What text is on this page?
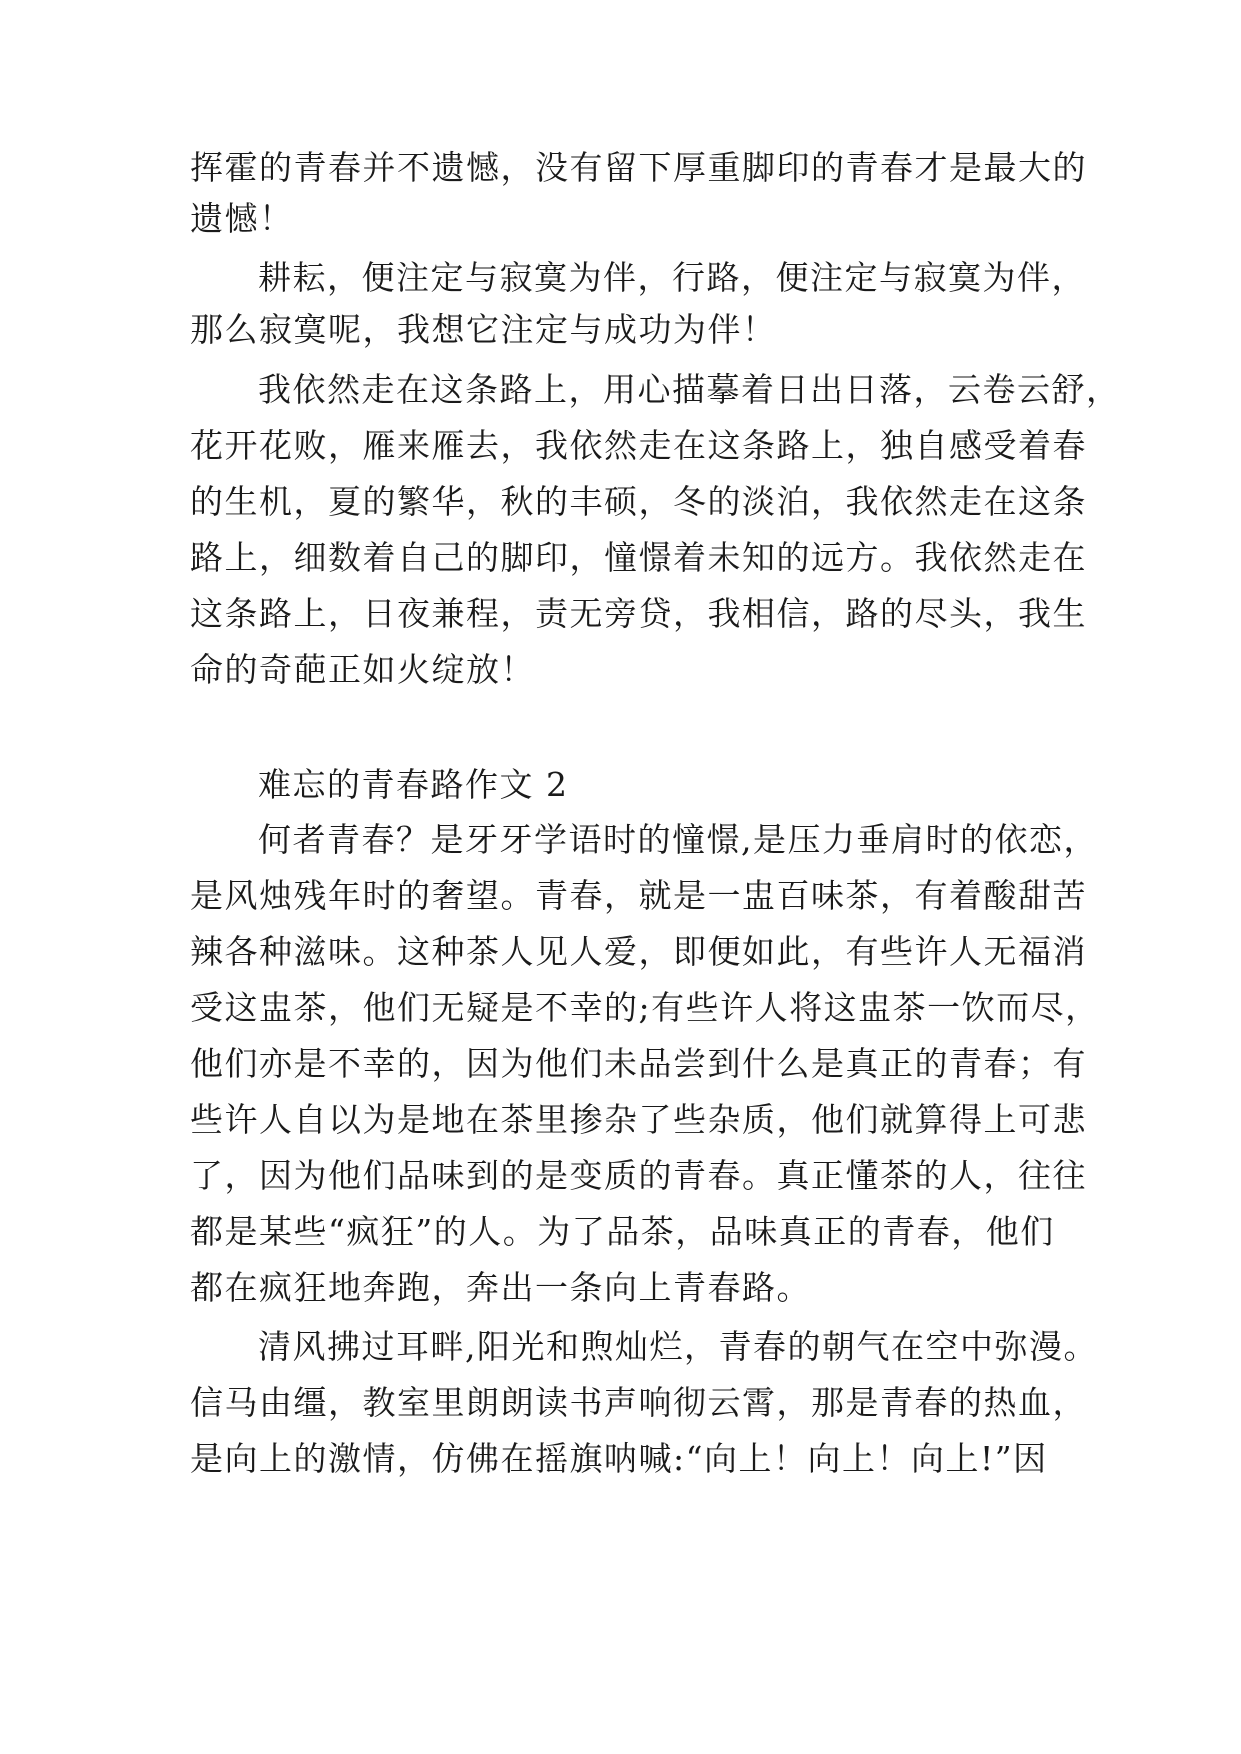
挥霍的青春并不遗憾，没有留下厚重脚印的青春才是最大的
遗憾！
耕耘，便注定与寂寞为伴，行路，便注定与寂寞为伴，
那么寂寞呢，我想它注定与成功为伴！
我依然走在这条路上，用心描摹着日出日落，云卷云舒，
花开花败，雁来雁去，我依然走在这条路上，独自感受着春
的生机，夏的繁华，秋的丰硕，冬的淡泊，我依然走在这条
路上，细数着自己的脚印，憧憬着未知的远方。我依然走在
这条路上，日夜兼程，责无旁贷，我相信，路的尽头，我生
命的奇葩正如火绽放！
难忘的青春路作文 2
何者青春？是牙牙学语时的憧憬,是压力垂肩时的依恋，
是风烛残年时的奢望。青春，就是一盅百味茶，有着酸甜苦
辣各种滋味。这种茶人见人爱，即便如此，有些许人无福消
受这盅茶，他们无疑是不幸的;有些许人将这盅茶一饮而尽，
他们亦是不幸的，因为他们未品尝到什么是真正的青春；有
些许人自以为是地在茶里掺杂了些杂质，他们就算得上可悲
了，因为他们品味到的是变质的青春。真正懂茶的人，往往
都是某些“疯狂”的人。为了品茶，品味真正的青春，他们
都在疯狂地奔跑，奔出一条向上青春路。
清风拂过耳畔,阳光和煦灿烂，青春的朝气在空中弥漫。
信马由缰，教室里朗朗读书声响彻云霄，那是青春的热血，
是向上的激情，仿佛在摇旗呐喊:“向上！向上！向上!”因
